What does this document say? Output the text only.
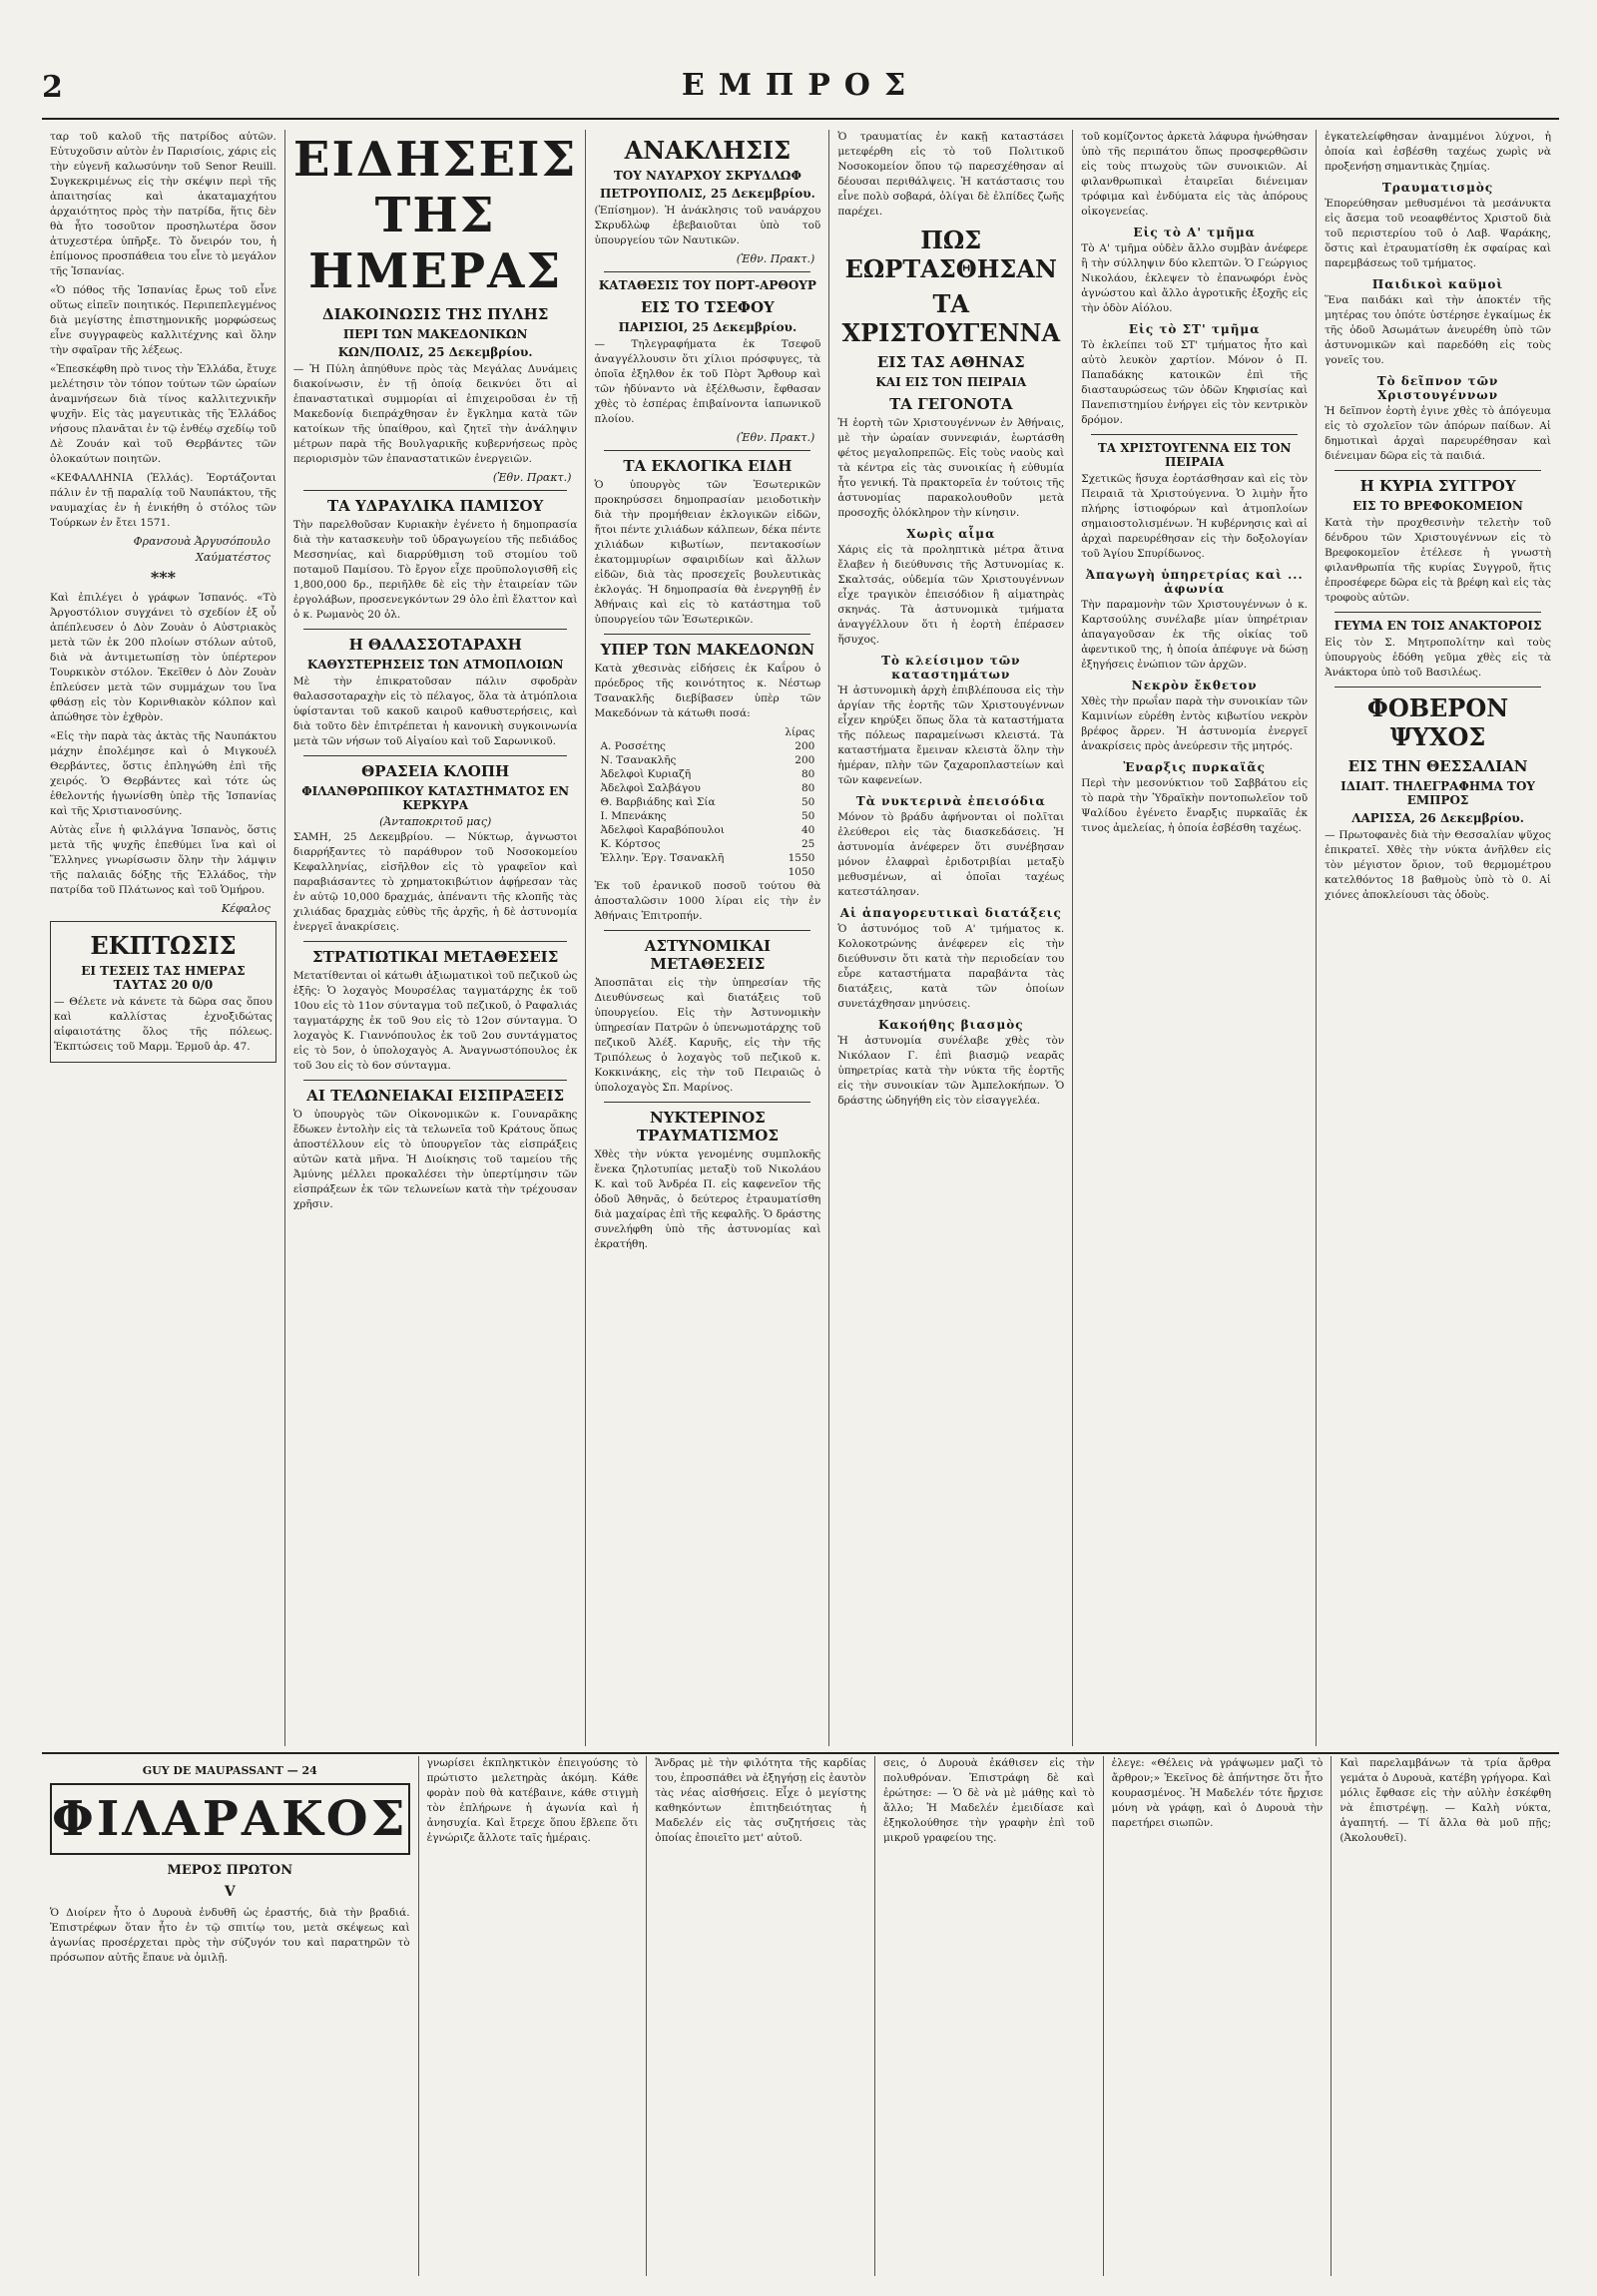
2	ΕΜΠΡΟΣ

ταρ τοῦ καλοῦ τῆς πατρίδος αὐτῶν. Εὐτυχοῦσιν αὐτὸν ἐν Παρισίοις, χάρις εἰς τὴν εὐγενῆ καλωσύνην τοῦ Senor Reuill. Συγκεκριμένως εἰς τὴν σκέψιν περὶ τῆς ἀπαιτησίας καὶ ἀκαταμαχήτου ἀρχαιότητος πρὸς τὴν πατρίδα, ἥτις δὲν θὰ ἦτο τοσοῦτον προσηλωτέρα ὅσον ἀτυχεστέρα ὑπῆρξε. Τὸ ὄνειρόν του, ἡ ἐπίμονος προσπάθεια του εἶνε τὸ μεγάλον τῆς Ἰσπανίας.

«Ὁ πόθος τῆς Ἰσπανίας ἔρως τοῦ εἶνε οὕτως εἰπεῖν ποιητικός. Περιπεπλεγμένος διὰ μεγίστης ἐπιστημονικῆς μορφώσεως εἶνε συγγραφεὺς καλλιτέχνης καὶ ὅλην τὴν σφαῖραν τῆς λέξεως.

«Ἐπεσκέφθη πρὸ τινος τὴν Ἑλλάδα, ἔτυχε μελέτησιν τὸν τόπον τούτων τῶν ὡραίων ἀναμνήσεων διὰ τίνος καλλιτεχνικῆν ψυχῆν. Εἰς τὰς μαγευτικὰς τῆς Ἑλλάδος νήσους πλανᾶται ἐν τῷ ἐνθέῳ σχεδίῳ τοῦ Δὲ Ζουάν καὶ τοῦ Θερβάντες τῶν ὁλοκαύτων ποιητῶν.

«ΚΕΦΑΛΛΗΝΙΑ (Ἑλλάς). Ἐορτάζονται πάλιν ἐν τῇ παραλίᾳ τοῦ Ναυπάκτου, τῆς ναυμαχίας ἐν ἡ ἐνικήθη ὁ στόλος τῶν Τούρκων ἐν ἔτει 1571.

Φρανσουὰ Ἀργυσόπουλο
Χαύματέστος
***

Καὶ ἐπιλέγει ὁ γράφων Ἰσπανός. «Τὸ Ἀργοστόλιον συγχάνει τὸ σχεδίον ἐξ οὗ ἀπέπλευσεν ὁ Δὸν Ζουὰν ὁ Αὐστριακὸς μετὰ τῶν ἐκ 200 πλοίων στόλων αὐτοῦ, διὰ νὰ ἀντιμετωπίσῃ τὸν ὑπέρτερον Τουρκικὸν στόλον. Ἐκεῖθεν ὁ Δὸν Ζουὰν ἐπλεύσεν μετὰ τῶν συμμάχων του ἵνα φθάσῃ εἰς τὸν Κορινθιακὸν κόλπον καὶ ἀπώθησε τὸν ἐχθρὸν.

«Εἰς τὴν παρὰ τὰς ἀκτὰς τῆς Ναυπάκτου μάχην ἐπολέμησε καὶ ὁ Μιγκουέλ Θερβάντες, ὅστις ἐπληγώθη ἐπὶ τῆς χειρός. Ὁ Θερβάντες καὶ τότε ὡς ἐθελοντής ἠγωνίσθη ὑπὲρ τῆς Ἰσπανίας καὶ τῆς Χριστιανοσύνης.

Αὐτὰς εἶνε ἡ φιλλάγνα Ἰσπανὸς, ὅστις μετὰ τῆς ψυχῆς ἐπεθύμει ἵνα καὶ οἱ Ἕλληνες γνωρίσωσιν ὅλην τὴν λάμψιν τῆς παλαιᾶς δόξης τῆς Ἑλλάδος, τὴν πατρίδα τοῦ Πλάτωνος καὶ τοῦ Ὁμήρου.

Κέφαλος
ΕΚΠΤΩΣΙΣ
ΕΙ ΤΕΣΕΙΣ ΤΑΣ ΗΜΕΡΑΣ ΤΑΥΤΑΣ 20 0/0

— Θέλετε νὰ κάνετε τὰ δῶρα σας ὅπου καὶ καλλίστας ἐχνοξιδώτας αἰφαιοτάτης ὅλος τῆς πόλεως. Ἐκπτώσεις τοῦ Μαρμ. Ἑρμοῦ ἀρ. 47.

ΕΙΔΗΣΕΙΣ ΤΗΣ ΗΜΕΡΑΣ
ΔΙΑΚΟΙΝΩΣΙΣ ΤΗΣ ΠΥΛΗΣ
ΠΕΡΙ ΤΩΝ ΜΑΚΕΔΟΝΙΚΩΝ
ΚΩΝ/ΠΟΛΙΣ, 25 Δεκεμβρίου.

— Ἡ Πύλη ἀπηύθυνε πρὸς τὰς Μεγάλας Δυνάμεις διακοίνωσιν, ἐν τῇ ὁποίᾳ δεικνύει ὅτι αἱ ἐπαναστατικαὶ συμμορίαι αἱ ἐπιχειροῦσαι ἐν τῇ Μακεδονίᾳ διεπράχθησαν ἐν ἔγκλημα κατὰ τῶν κατοίκων τῆς ὑπαίθρου, καὶ ζητεῖ τὴν ἀνάληψιν μέτρων παρὰ τῆς Βουλγαρικῆς κυβερνήσεως πρὸς περιορισμὸν τῶν ἐπαναστατικῶν ἐνεργειῶν.

(Ἐθν. Πρακτ.)
ΤΑ ΥΔΡΑΥΛΙΚΑ ΠΑΜΙΣΟΥ

Τὴν παρελθοῦσαν Κυριακὴν ἐγένετο ἡ δημοπρασία διὰ τὴν κατασκευὴν τοῦ ὑδραγωγείου τῆς πεδιάδος Μεσσηνίας, καὶ διαρρύθμιση τοῦ στομίου τοῦ ποταμοῦ Παμίσου. Τὸ ἔργον εἶχε προϋπολογισθῆ εἰς 1,800,000 δρ., περιῆλθε δὲ εἰς τὴν ἑταιρείαν τῶν ἐργολάβων, προσενεγκόντων 29 ὀλο ἐπὶ ἔλαττον καὶ ὁ κ. Ρωμανὸς 20 ὀλ.

Η ΘΑΛΑΣΣΟΤΑΡΑΧΗ
ΚΑΘΥΣΤΕΡΗΣΕΙΣ ΤΩΝ ΑΤΜΟΠΛΟΙΩΝ

Μὲ τὴν ἐπικρατοῦσαν πάλιν σφοδρὰν θαλασσοταραχὴν εἰς τὸ πέλαγος, ὅλα τὰ ἀτμόπλοια ὑφίστανται τοῦ κακοῦ καιροῦ καθυστερήσεις, καὶ διὰ τοῦτο δὲν ἐπιτρέπεται ἡ κανονικὴ συγκοινωνία μετὰ τῶν νήσων τοῦ Αἰγαίου καὶ τοῦ Σαρωνικοῦ.

ΘΡΑΣΕΙΑ ΚΛΟΠΗ
ΦΙΛΑΝΘΡΩΠΙΚΟΥ ΚΑΤΑΣΤΗΜΑΤΟΣ ΕΝ ΚΕΡΚΥΡΑ
(Ἀνταποκριτοῦ μας)

ΣΑΜΗ, 25 Δεκεμβρίου. — Νύκτωρ, ἀγνωστοι διαρρήξαντες τὸ παράθυρον τοῦ Νοσοκομείου Κεφαλληνίας, εἰσῆλθον εἰς τὸ γραφεῖον καὶ παραβιάσαντες τὸ χρηματοκιβώτιον ἀφῄρεσαν τὰς ἐν αὐτῷ 10,000 δραχμάς, ἀπέναντι τῆς κλοπῆς τὰς χιλιάδας δραχμὰς εὐθὺς τῆς ἀρχῆς, ἡ δὲ ἀστυνομία ἐνεργεῖ ἀνακρίσεις.

ΣΤΡΑΤΙΩΤΙΚΑΙ ΜΕΤΑΘΕΣΕΙΣ

Μετατίθενται οἱ κάτωθι ἀξιωματικοὶ τοῦ πεζικοῦ ὡς ἑξῆς: Ὁ λοχαγὸς Μουρσέλας ταγματάρχης ἐκ τοῦ 10ου εἰς τὸ 11ον σύνταγμα τοῦ πεζικοῦ, ὁ Ραφαλιάς ταγματάρχης ἐκ τοῦ 9ου εἰς τὸ 12ον σύνταγμα. Ὁ λοχαγὸς Κ. Γιαννόπουλος ἐκ τοῦ 2ου συντάγματος εἰς τὸ 5ον, ὁ ὑπολοχαγὸς Α. Ἀναγνωστόπουλος ἐκ τοῦ 3ου εἰς τὸ 6ον σύνταγμα.

ΑΙ ΤΕΛΩΝΕΙΑΚΑΙ ΕΙΣΠΡΑΞΕΙΣ

Ὁ ὑπουργὸς τῶν Οἰκονομικῶν κ. Γουναρᾶκης ἔδωκεν ἐντολὴν εἰς τὰ τελωνεῖα τοῦ Κράτους ὅπως ἀποστέλλουν εἰς τὸ ὑπουργεῖον τὰς εἰσπράξεις αὐτῶν κατὰ μῆνα. Ἡ Διοίκησις τοῦ ταμείου τῆς Ἀμύνης μέλλει προκαλέσει τὴν ὑπερτίμησιν τῶν εἰσπράξεων ἐκ τῶν τελωνείων κατὰ τὴν τρέχουσαν χρῆσιν.

ΑΝΑΚΛΗΣΙΣ
ΤΟΥ ΝΑΥΑΡΧΟΥ ΣΚΡΥΔΛΩΦ
ΠΕΤΡΟΥΠΟΛΙΣ, 25 Δεκεμβρίου.

(Ἐπίσημον). Ἡ ἀνάκλησις τοῦ ναυάρχου Σκρυδλὼφ ἐβεβαιοῦται ὑπὸ τοῦ ὑπουργείου τῶν Ναυτικῶν.

(Ἐθν. Πρακτ.)
ΚΑΤΑΘΕΣΙΣ ΤΟΥ ΠΟΡΤ-ΑΡΘΟΥΡ
ΕΙΣ ΤΟ ΤΣΕΦΟΥ
ΠΑΡΙΣΙΟΙ, 25 Δεκεμβρίου.

— Τηλεγραφήματα ἐκ Τσεφοῦ ἀναγγέλλουσιν ὅτι χίλιοι πρόσφυγες, τὰ ὁποῖα ἐξηλθον ἐκ τοῦ Πὸρτ Ἄρθουρ καὶ τῶν ἠδύναντο νὰ ἐξέλθωσιν, ἔφθασαν χθὲς τὸ ἑσπέρας ἐπιβαίνοντα ἰαπωνικοῦ πλοίου.

(Ἐθν. Πρακτ.)
ΤΑ ΕΚΛΟΓΙΚΑ ΕΙΔΗ

Ὁ ὑπουργὸς τῶν Ἐσωτερικῶν προκηρύσσει δημοπρασίαν μειοδοτικὴν διὰ τὴν προμήθειαν ἐκλογικῶν εἰδῶν, ἤτοι πέντε χιλιάδων κάλπεων, δέκα πέντε χιλιάδων κιβωτίων, πεντακοσίων ἑκατομμυρίων σφαιριδίων καὶ ἄλλων εἰδῶν, διὰ τὰς προσεχεῖς βουλευτικὰς ἐκλογάς. Ἡ δημοπρασία θὰ ἐνεργηθῇ ἐν Ἀθήναις καὶ εἰς τὸ κατάστημα τοῦ ὑπουργείου τῶν Ἐσωτερικῶν.

ΥΠΕΡ ΤΩΝ ΜΑΚΕΔΟΝΩΝ

Κατὰ χθεσινὰς εἰδήσεις ἐκ Καΐρου ὁ πρόεδρος τῆς κοινότητος κ. Νέστωρ Τσανακλῆς διεβίβασεν ὑπὲρ τῶν Μακεδόνων τὰ κάτωθι ποσά:

λίρας
Α. Ροσσέτης	200
Ν. Τσανακλῆς	200
Ἀδελφοὶ Κυριαζῆ	80
Ἀδελφοὶ Σαλβάγου	80
Θ. Βαρβιάδης καὶ Σία	50
Ι. Μπενάκης	50
Ἀδελφοὶ Καραβόπουλοι	40
Κ. Κόρτσος	25
Ἑλλην. Ἐργ. Τσανακλῆ	1550
1050

Ἐκ τοῦ ἐρανικοῦ ποσοῦ τούτου θὰ ἀποσταλῶσιν 1000 λίραι εἰς τὴν ἐν Ἀθήναις Ἐπιτροπήν.

ΑΣΤΥΝΟΜΙΚΑΙ ΜΕΤΑΘΕΣΕΙΣ

Ἀποσπᾶται εἰς τὴν ὑπηρεσίαν τῆς Διευθύνσεως καὶ διατάξεις τοῦ ὑπουργείου. Εἰς τὴν Ἀστυνομικὴν ὑπηρεσίαν Πατρῶν ὁ ὑπενωμοτάρχης τοῦ πεζικοῦ Ἀλέξ. Καρυῆς, εἰς τὴν τῆς Τριπόλεως ὁ λοχαγὸς τοῦ πεζικοῦ κ. Κοκκινάκης, εἰς τὴν τοῦ Πειραιῶς ὁ ὑπολοχαγὸς Σπ. Μαρίνος.

ΝΥΚΤΕΡΙΝΟΣ ΤΡΑΥΜΑΤΙΣΜΟΣ

Χθὲς τὴν νύκτα γενομένης συμπλοκῆς ἔνεκα ζηλοτυπίας μεταξὺ τοῦ Νικολάου Κ. καὶ τοῦ Ἀνδρέα Π. εἰς καφενεῖον τῆς ὁδοῦ Ἀθηνᾶς, ὁ δεύτερος ἐτραυματίσθη διὰ μαχαίρας ἐπὶ τῆς κεφαλῆς. Ὁ δράστης συνελήφθη ὑπὸ τῆς ἀστυνομίας καὶ ἐκρατήθη.

Ὁ τραυματίας ἐν κακῇ καταστάσει μετεφέρθη εἰς τὸ τοῦ Πολιτικοῦ Νοσοκομείον ὅπου τῷ παρεσχέθησαν αἱ δέουσαι περιθάλψεις. Ἡ κατάστασις του εἶνε πολὺ σοβαρά, ὀλίγαι δὲ ἐλπίδες ζωῆς παρέχει.

ΠΩΣ ΕΩΡΤΑΣΘΗΣΑΝ
ΤΑ ΧΡΙΣΤΟΥΓΕΝΝΑ
ΕΙΣ ΤΑΣ ΑΘΗΝΑΣ
ΚΑΙ ΕΙΣ ΤΟΝ ΠΕΙΡΑΙΑ
ΤΑ ΓΕΓΟΝΟΤΑ

Ἡ ἑορτὴ τῶν Χριστουγέννων ἐν Ἀθήναις, μὲ τὴν ὡραίαν συννεφιάν, ἑωρτάσθη φέτος μεγαλοπρεπῶς. Εἰς τοὺς ναοὺς καὶ τὰ κέντρα εἰς τὰς συνοικίας ἡ εὐθυμία ἦτο γενική. Τὰ πρακτορεῖα ἐν τούτοις τῆς ἀστυνομίας παρακολουθοῦν μετὰ προσοχῆς ὁλόκληρον τὴν κίνησιν.

Χωρὶς αἷμα

Χάρις εἰς τὰ προληπτικὰ μέτρα ἅτινα ἔλαβεν ἡ διεύθυνσις τῆς Ἀστυνομίας κ. Σκαλτσάς, οὐδεμία τῶν Χριστουγέννων εἶχε τραγικὸν ἐπεισόδιον ἢ αἱματηρὰς σκηνάς. Τὰ ἀστυνομικὰ τμήματα ἀναγγέλλουν ὅτι ἡ ἑορτὴ ἐπέρασεν ἥσυχος.

Τὸ κλείσιμον τῶν καταστημάτων

Ἡ ἀστυνομικὴ ἀρχὴ ἐπιβλέπουσα εἰς τὴν ἀργίαν τῆς ἑορτῆς τῶν Χριστουγέννων εἶχεν κηρύξει ὅπως ὅλα τὰ καταστήματα τῆς πόλεως παραμείνωσι κλειστά. Τὰ καταστήματα ἔμειναν κλειστὰ ὅλην τὴν ἡμέραν, πλὴν τῶν ζαχαροπλαστείων καὶ τῶν καφενείων.

Τὰ νυκτερινὰ ἐπεισόδια

Μόνον τὸ βράδυ ἀφήνονται οἱ πολῖται ἐλεύθεροι εἰς τὰς διασκεδάσεις. Ἡ ἀστυνομία ἀνέφερεν ὅτι συνέβησαν μόνον ἐλαφραὶ ἐριδοτριβίαι μεταξὺ μεθυσμένων, αἱ ὁποῖαι ταχέως κατεστάλησαν.

Αἱ ἀπαγορευτικαὶ διατάξεις

Ὁ ἀστυνόμος τοῦ Α' τμήματος κ. Κολοκοτρώνης ἀνέφερεν εἰς τὴν διεύθυνσιν ὅτι κατὰ τὴν περιοδείαν του εὗρε καταστήματα παραβάντα τὰς διατάξεις, κατὰ τῶν ὁποίων συνετάχθησαν μηνύσεις.

Κακοήθης βιασμὸς

Ἡ ἀστυνομία συνέλαβε χθὲς τὸν Νικόλαον Γ. ἐπὶ βιασμῷ νεαρᾶς ὑπηρετρίας κατὰ τὴν νύκτα τῆς ἑορτῆς εἰς τὴν συνοικίαν τῶν Ἀμπελοκήπων. Ὁ δράστης ὡδηγήθη εἰς τὸν εἰσαγγελέα.

τοῦ κομίζοντος ἀρκετὰ λάφυρα ἠνώθησαν ὑπὸ τῆς περιπάτου ὅπως προσφερθῶσιν εἰς τοὺς πτωχοὺς τῶν συνοικιῶν. Αἱ φιλανθρωπικαὶ ἑταιρεῖαι διένειμαν τρόφιμα καὶ ἐνδύματα εἰς τὰς ἀπόρους οἰκογενείας.

Εἰς τὸ Α' τμῆμα

Τὸ Α' τμῆμα οὐδὲν ἄλλο συμβὰν ἀνέφερε ἢ τὴν σύλληψιν δύο κλεπτῶν. Ὁ Γεώργιος Νικολάου, ἐκλεψεν τὸ ἐπανωφόρι ἑνὸς ἀγνώστου καὶ ἄλλο ἀγροτικῆς ἐξοχῆς εἰς τὴν ὁδὸν Αἰόλου.

Εἰς τὸ ΣΤ' τμῆμα

Τὸ ἐκλείπει τοῦ ΣΤ' τμήματος ἦτο καὶ αὐτὸ λευκὸν χαρτίον. Μόνον ὁ Π. Παπαδάκης κατοικῶν ἐπὶ τῆς διασταυρώσεως τῶν ὁδῶν Κηφισίας καὶ Πανεπιστημίου ἐνήργει εἰς τὸν κεντρικὸν δρόμον.

ΤΑ ΧΡΙΣΤΟΥΓΕΝΝΑ ΕΙΣ ΤΟΝ ΠΕΙΡΑΙΑ

Σχετικῶς ἥσυχα ἐορτάσθησαν καὶ εἰς τὸν Πειραιᾶ τὰ Χριστούγεννα. Ὁ λιμὴν ἦτο πλήρης ἱστιοφόρων καὶ ἀτμοπλοίων σημαιοστολισμένων. Ἡ κυβέρνησις καὶ αἱ ἀρχαὶ παρευρέθησαν εἰς τὴν δοξολογίαν τοῦ Ἁγίου Σπυρίδωνος.

Ἀπαγωγὴ ὑπηρετρίας καὶ ... ἀφωνία

Τὴν παραμονὴν τῶν Χριστουγέννων ὁ κ. Καρτσούλης συνέλαβε μίαν ὑπηρέτριαν ἀπαγαγοῦσαν ἐκ τῆς οἰκίας τοῦ ἀφεντικοῦ της, ἡ ὁποία ἀπέφυγε νὰ δώσῃ ἐξηγήσεις ἐνώπιον τῶν ἀρχῶν.

Νεκρὸν ἔκθετον

Χθὲς τὴν πρωΐαν παρὰ τὴν συνοικίαν τῶν Καμινίων εὑρέθη ἐντὸς κιβωτίου νεκρὸν βρέφος ἄρρεν. Ἡ ἀστυνομία ἐνεργεῖ ἀνακρίσεις πρὸς ἀνεύρεσιν τῆς μητρός.

Ἐναρξις πυρκαϊᾶς

Περὶ τὴν μεσονύκτιον τοῦ Σαββάτου εἰς τὸ παρὰ τὴν Ὑδραϊκὴν ποντοπωλεῖον τοῦ Ψαλίδου ἐγένετο ἔναρξις πυρκαϊᾶς ἐκ τινος ἀμελείας, ἡ ὁποία ἐσβέσθη ταχέως.

ἐγκατελείφθησαν ἀναμμένοι λύχνοι, ἡ ὁποία καὶ ἐσβέσθη ταχέως χωρὶς νὰ προξενήσῃ σημαντικὰς ζημίας.

Τραυματισμὸς

Ἐπορεύθησαν μεθυσμένοι τὰ μεσάνυκτα εἰς ἄσεμα τοῦ νεοαφθέντος Χριστοῦ διὰ τοῦ περιστερίου τοῦ ὁ Λαβ. Ψαράκης, ὅστις καὶ ἐτραυματίσθη ἐκ σφαίρας καὶ παρεμβάσεως τοῦ τμήματος.

Παιδικοὶ καϋμοὶ

Ἕνα παιδάκι καὶ τὴν ἀποκτέν τῆς μητέρας του ὁπότε ὑστέρησε ἐγκαίμως ἐκ τῆς ὁδοῦ Ἀσωμάτων ἀνευρέθη ὑπὸ τῶν ἀστυνομικῶν καὶ παρεδόθη εἰς τοὺς γονεῖς του.

Τὸ δεῖπνον τῶν Χριστουγέννων

Ἡ δεῖπνον ἑορτὴ ἐγινε χθὲς τὸ ἀπόγευμα εἰς τὸ σχολεῖον τῶν ἀπόρων παίδων. Αἱ δημοτικαὶ ἀρχαὶ παρευρέθησαν καὶ διένειμαν δῶρα εἰς τὰ παιδιά.

Η ΚΥΡΙΑ ΣΥΓΓΡΟΥ
ΕΙΣ ΤΟ ΒΡΕΦΟΚΟΜΕΙΟΝ

Κατὰ τὴν προχθεσινὴν τελετὴν τοῦ δένδρου τῶν Χριστουγέννων εἰς τὸ Βρεφοκομεῖον ἐτέλεσε ἡ γνωστὴ φιλανθρωπία τῆς κυρίας Συγγροῦ, ἥτις ἐπροσέφερε δῶρα εἰς τὰ βρέφη καὶ εἰς τὰς τροφοὺς αὐτῶν.

ΓΕΥΜΑ ΕΝ ΤΟΙΣ ΑΝΑΚΤΟΡΟΙΣ

Εἰς τὸν Σ. Μητροπολίτην καὶ τοὺς ὑπουργοὺς ἐδόθη γεῦμα χθὲς εἰς τὰ Ἀνάκτορα ὑπὸ τοῦ Βασιλέως.

ΦΟΒΕΡΟΝ ΨΥΧΟΣ
ΕΙΣ ΤΗΝ ΘΕΣΣΑΛΙΑΝ
ΙΔΙΑΙΤ. ΤΗΛΕΓΡΑΦΗΜΑ ΤΟΥ ΕΜΠΡΟΣ
ΛΑΡΙΣΣΑ, 26 Δεκεμβρίου.

— Πρωτοφανὲς διὰ τὴν Θεσσαλίαν ψῦχος ἐπικρατεῖ. Χθὲς τὴν νύκτα ἀνῆλθεν εἰς τὸν μέγιστον ὅριον, τοῦ θερμομέτρου κατελθόντος 18 βαθμοὺς ὑπὸ τὸ 0. Αἱ χιόνες ἀποκλείουσι τὰς ὁδοὺς.

GUY DE MAUPASSANT — 24
ΦΙΛΑΡΑΚΟΣ
ΜΕΡΟΣ ΠΡΩΤΟΝ
V

Ὁ Διοίρεν ἦτο ὁ Δυρουὰ ἐνδυθῆ ὡς ἐραστής, διὰ τὴν βραδιά. Ἐπιστρέφων ὅταν ἦτο ἐν τῷ σπιτίῳ του, μετὰ σκέψεως καὶ ἀγωνίας προσέρχεται πρὸς τὴν σύζυγόν του καὶ παρατηρῶν τὸ πρόσωπον αὐτῆς ἔπαυε νὰ ὁμιλῇ.

γνωρίσει ἐκπληκτικὸν ἐπειγούσης τὸ πρώτιστο μελετηρὰς ἀκόμη. Κάθε φορὰν ποὺ θὰ κατέβαινε, κάθε στιγμὴ τὸν ἐπλήρωνε ἡ ἀγωνία καὶ ἡ ἀνησυχία. Καὶ ἔτρεχε ὅπου ἔβλεπε ὅτι ἐγνώριζε ἄλλοτε ταῖς ἡμέραις.

Ἄνδρας μὲ τὴν φιλότητα τῆς καρδίας του, ἐπροσπάθει νὰ ἐξηγήσῃ εἰς ἑαυτὸν τὰς νέας αἰσθήσεις. Εἶχε ὁ μεγίστης καθηκόντων ἐπιτηδειότητας ἡ Μαδελέν εἰς τὰς συζητήσεις τὰς ὁποίας ἐποιεῖτο μετ' αὐτοῦ.

σεις, ὁ Δυρουὰ ἐκάθισεν εἰς τὴν πολυθρόναν. Ἐπιστράφη δὲ καὶ ἐρώτησε: — Ὁ δὲ νὰ μὲ μάθῃς καὶ τὸ ἄλλο; Ἡ Μαδελέν ἐμειδίασε καὶ ἐξηκολούθησε τὴν γραφὴν ἐπὶ τοῦ μικροῦ γραφείου της.

ἐλεγε: «Θέλεις νὰ γράψωμεν μαζὶ τὸ ἄρθρον;» Ἐκεῖνος δὲ ἀπήντησε ὅτι ἦτο κουρασμένος. Ἡ Μαδελέν τότε ἤρχισε μόνη νὰ γράφῃ, καὶ ὁ Δυρουὰ τὴν παρετήρει σιωπῶν.

Καὶ παρελαμβάνων τὰ τρία ἄρθρα γεμάτα ὁ Δυρουὰ, κατέβη γρήγορα. Καὶ μόλις ἔφθασε εἰς τὴν αὐλὴν ἐσκέφθη νὰ ἐπιστρέψῃ. — Καλὴ νύκτα, ἀγαπητή. — Τί ἄλλα θὰ μοῦ πῇς; (Ἀκολουθεῖ).
